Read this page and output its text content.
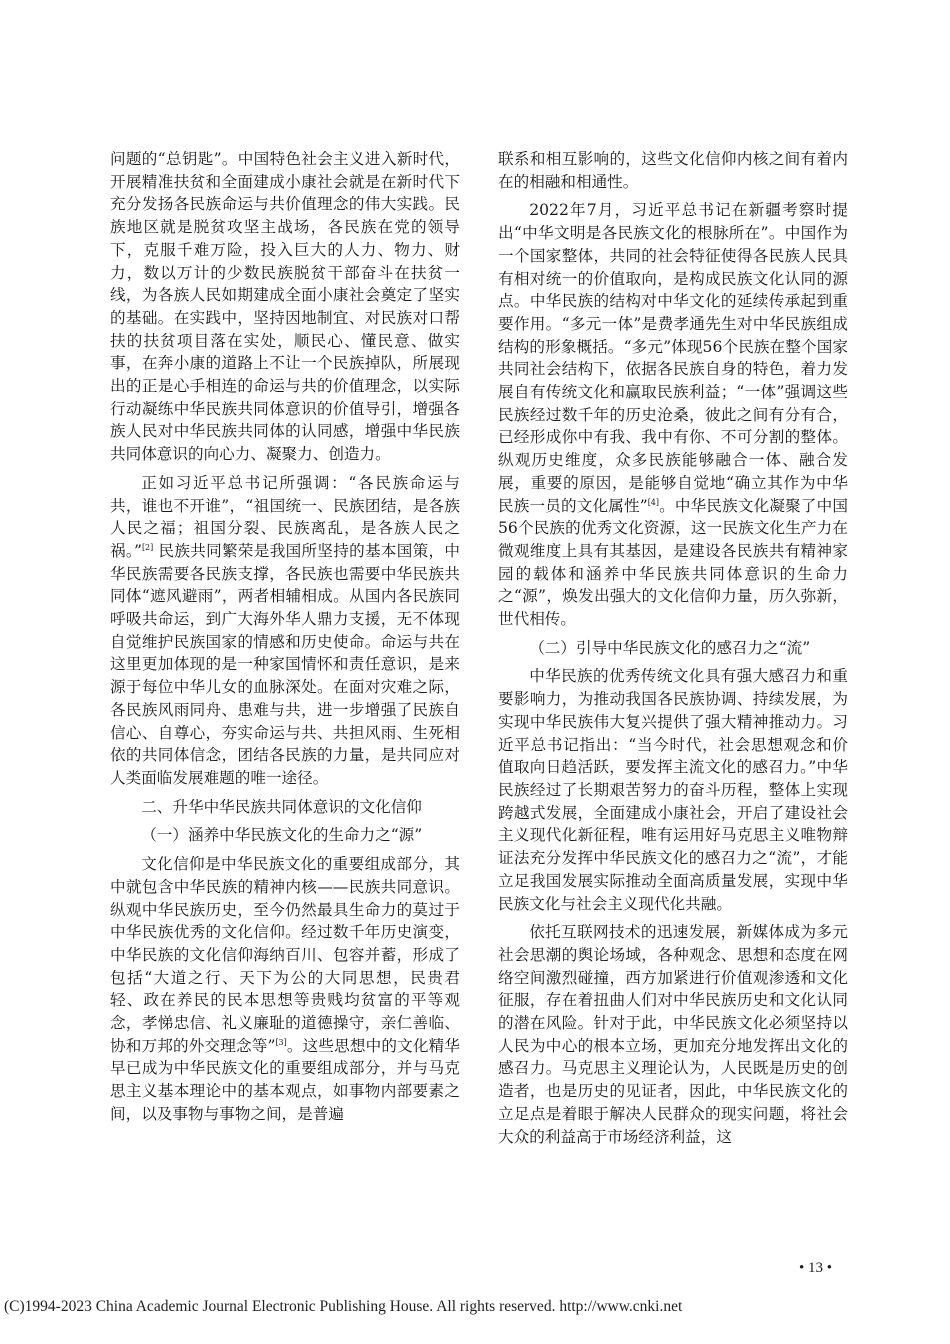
问题的“总钥匙”。中国特色社会主义进入新时代，开展精准扶贫和全面建成小康社会就是在新时代下充分发扬各民族命运与共价值理念的伟大实践。民族地区就是脱贫攻坚主战场，各民族在党的领导下，克服千难万险，投入巨大的人力、物力、财力，数以万计的少数民族脱贫干部奋斗在扶贫一线，为各族人民如期建成全面小康社会奠定了坚实的基础。在实践中，坚持因地制宜、对民族对口帮扶的扶贫项目落在实处，顺民心、懂民意、做实事，在奔小康的道路上不让一个民族掉队，所展现出的正是心手相连的命运与共的价值理念，以实际行动凝练中华民族共同体意识的价值导引，增强各族人民对中华民族共同体的认同感，增强中华民族共同体意识的向心力、凝聚力、创造力。

正如习近平总书记所强调：“各民族命运与共，谁也不开谁”，“祖国统一、民族团结，是各族人民之福；祖国分裂、民族离乱，是各族人民之祸。”[2] 民族共同繁荣是我国所坚持的基本国策，中华民族需要各民族支撑，各民族也需要中华民族共同体“遮风避雨”，两者相辅相成。从国内各民族同呼吸共命运，到广大海外华人鼎力支援，无不体现自觉维护民族国家的情感和历史使命。命运与共在这里更加体现的是一种家国情怀和责任意识，是来源于每位中华儿女的血脉深处。在面对灾难之际，各民族风雨同舟、患难与共，进一步增强了民族自信心、自尊心，夯实命运与共、共担风雨、生死相依的共同体信念，团结各民族的力量，是共同应对人类面临发展难题的唯一途径。

二、升华中华民族共同体意识的文化信仰

（一）涵养中华民族文化的生命力之“源”

文化信仰是中华民族文化的重要组成部分，其中就包含中华民族的精神内核——民族共同意识。纵观中华民族历史，至今仍然最具生命力的莫过于中华民族优秀的文化信仰。经过数千年历史演变，中华民族的文化信仰海纳百川、包容并蓄，形成了包括“大道之行、天下为公的大同思想，民贵君轻、政在养民的民本思想等贵贱均贫富的平等观念，孝悌忠信、礼义廉耻的道德操守，亲仁善临、协和万邦的外交理念等”[3]。这些思想中的文化精华早已成为中华民族文化的重要组成部分，并与马克思主义基本理论中的基本观点，如事物内部要素之间，以及事物与事物之间，是普遍

联系和相互影响的，这些文化信仰内核之间有着内在的相融和相通性。

2022年7月，习近平总书记在新疆考察时提出“中华文明是各民族文化的根脉所在”。中国作为一个国家整体，共同的社会特征使得各民族人民具有相对统一的价值取向，是构成民族文化认同的源点。中华民族的结构对中华文化的延续传承起到重要作用。“多元一体”是费孝通先生对中华民族组成结构的形象概括。“多元”体现56个民族在整个国家共同社会结构下，依据各民族自身的特色，着力发展自有传统文化和赢取民族利益；“一体”强调这些民族经过数千年的历史沧桑，彼此之间有分有合，已经形成你中有我、我中有你、不可分割的整体。纵观历史维度，众多民族能够融合一体、融合发展，重要的原因，是能够自觉地“确立其作为中华民族一员的文化属性”[4]。中华民族文化凝聚了中国56个民族的优秀文化资源，这一民族文化生产力在微观维度上具有其基因，是建设各民族共有精神家园的载体和涵养中华民族共同体意识的生命力之“源”，焕发出强大的文化信仰力量，历久弥新，世代相传。

（二）引导中华民族文化的感召力之“流”

中华民族的优秀传统文化具有强大感召力和重要影响力，为推动我国各民族协调、持续发展，为实现中华民族伟大复兴提供了强大精神推动力。习近平总书记指出：“当今时代，社会思想观念和价值取向日趋活跃，要发挥主流文化的感召力。”中华民族经过了长期艰苦努力的奋斗历程，整体上实现跨越式发展，全面建成小康社会，开启了建设社会主义现代化新征程，唯有运用好马克思主义唯物辩证法充分发挥中华民族文化的感召力之“流”，才能立足我国发展实际推动全面高质量发展，实现中华民族文化与社会主义现代化共融。

依托互联网技术的迅速发展，新媒体成为多元社会思潮的舆论场域，各种观念、思想和态度在网络空间激烈碰撞，西方加紧进行价值观渗透和文化征服，存在着扭曲人们对中华民族历史和文化认同的潜在风险。针对于此，中华民族文化必须坚持以人民为中心的根本立场，更加充分地发挥出文化的感召力。马克思主义理论认为，人民既是历史的创造者，也是历史的见证者，因此，中华民族文化的立足点是着眼于解决人民群众的现实问题，将社会大众的利益高于市场经济利益，这

• 13 •
(C)1994-2023 China Academic Journal Electronic Publishing House. All rights reserved. http://www.cnki.net
